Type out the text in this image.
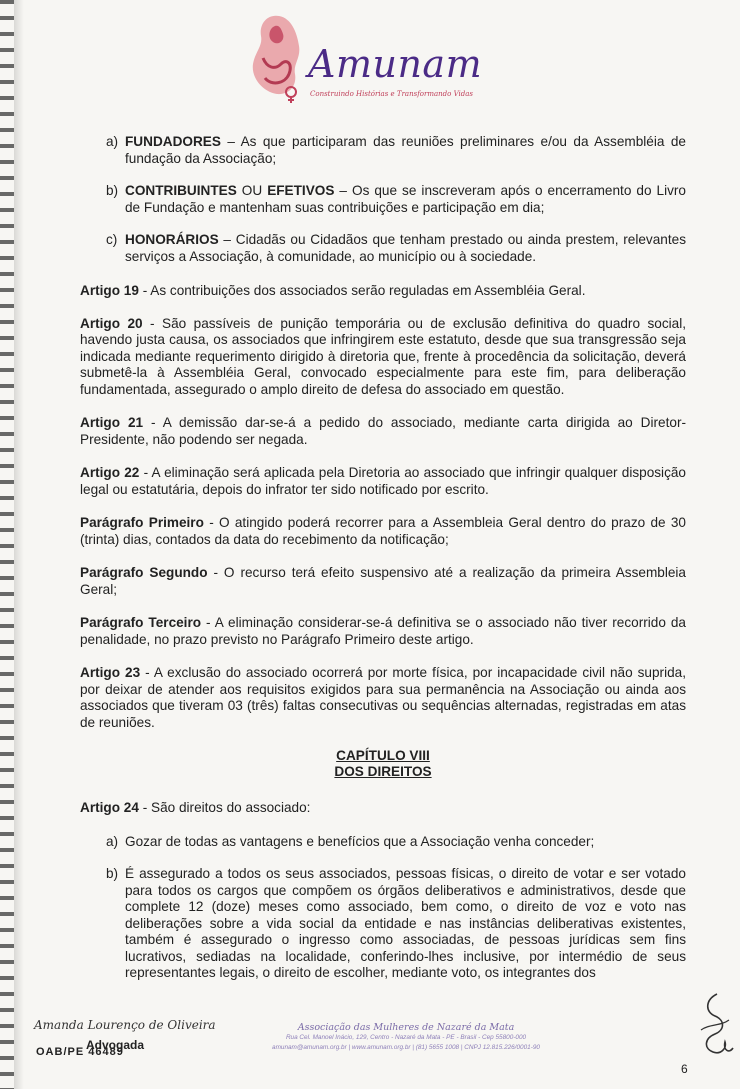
Amunam
Construindo Histórias e Transformando Vidas

a) FUNDADORES – As que participaram das reuniões preliminares e/ou da Assembléia de fundação da Associação;

b) CONTRIBUINTES OU EFETIVOS – Os que se inscreveram após o encerramento do Livro de Fundação e mantenham suas contribuições e participação em dia;

c) HONORÁRIOS – Cidadãs ou Cidadãos que tenham prestado ou ainda prestem, relevantes serviços a Associação, à comunidade, ao município ou à sociedade.

Artigo 19 - As contribuições dos associados serão reguladas em Assembléia Geral.

Artigo 20 - São passíveis de punição temporária ou de exclusão definitiva do quadro social, havendo justa causa, os associados que infringirem este estatuto, desde que sua transgressão seja indicada mediante requerimento dirigido à diretoria que, frente à procedência da solicitação, deverá submetê-la à Assembléia Geral, convocado especialmente para este fim, para deliberação fundamentada, assegurado o amplo direito de defesa do associado em questão.

Artigo 21 - A demissão dar-se-á a pedido do associado, mediante carta dirigida ao Diretor-Presidente, não podendo ser negada.

Artigo 22 - A eliminação será aplicada pela Diretoria ao associado que infringir qualquer disposição legal ou estatutária, depois do infrator ter sido notificado por escrito.

Parágrafo Primeiro - O atingido poderá recorrer para a Assembleia Geral dentro do prazo de 30 (trinta) dias, contados da data do recebimento da notificação;

Parágrafo Segundo - O recurso terá efeito suspensivo até a realização da primeira Assembleia Geral;

Parágrafo Terceiro - A eliminação considerar-se-á definitiva se o associado não tiver recorrido da penalidade, no prazo previsto no Parágrafo Primeiro deste artigo.

Artigo 23 - A exclusão do associado ocorrerá por morte física, por incapacidade civil não suprida, por deixar de atender aos requisitos exigidos para sua permanência na Associação ou ainda aos associados que tiveram 03 (três) faltas consecutivas ou sequências alternadas, registradas em atas de reuniões.

CAPÍTULO VIII
DOS DIREITOS

Artigo 24 - São direitos do associado:

a) Gozar de todas as vantagens e benefícios que a Associação venha conceder;

b) É assegurado a todos os seus associados, pessoas físicas, o direito de votar e ser votado para todos os cargos que compõem os órgãos deliberativos e administrativos, desde que complete 12 (doze) meses como associado, bem como, o direito de voz e voto nas deliberações sobre a vida social da entidade e nas instâncias deliberativas existentes, também é assegurado o ingresso como associadas, de pessoas jurídicas sem fins lucrativos, sediadas na localidade, conferindo-lhes inclusive, por intermédio de seus representantes legais, o direito de escolher, mediante voto, os integrantes dos

Amanda Lourenço de Oliveira
Advogada
OAB/PE 46489
Associação das Mulheres de Nazaré da Mata
Rua Cel. Manoel Inácio, 129, Centro - Nazaré da Mata - PE - Brasil - Cep 55800-000
amunam@amunam.org.br | www.amunam.org.br | (81) 5655 1008 | CNPJ 12.815.226/0001-90
6
